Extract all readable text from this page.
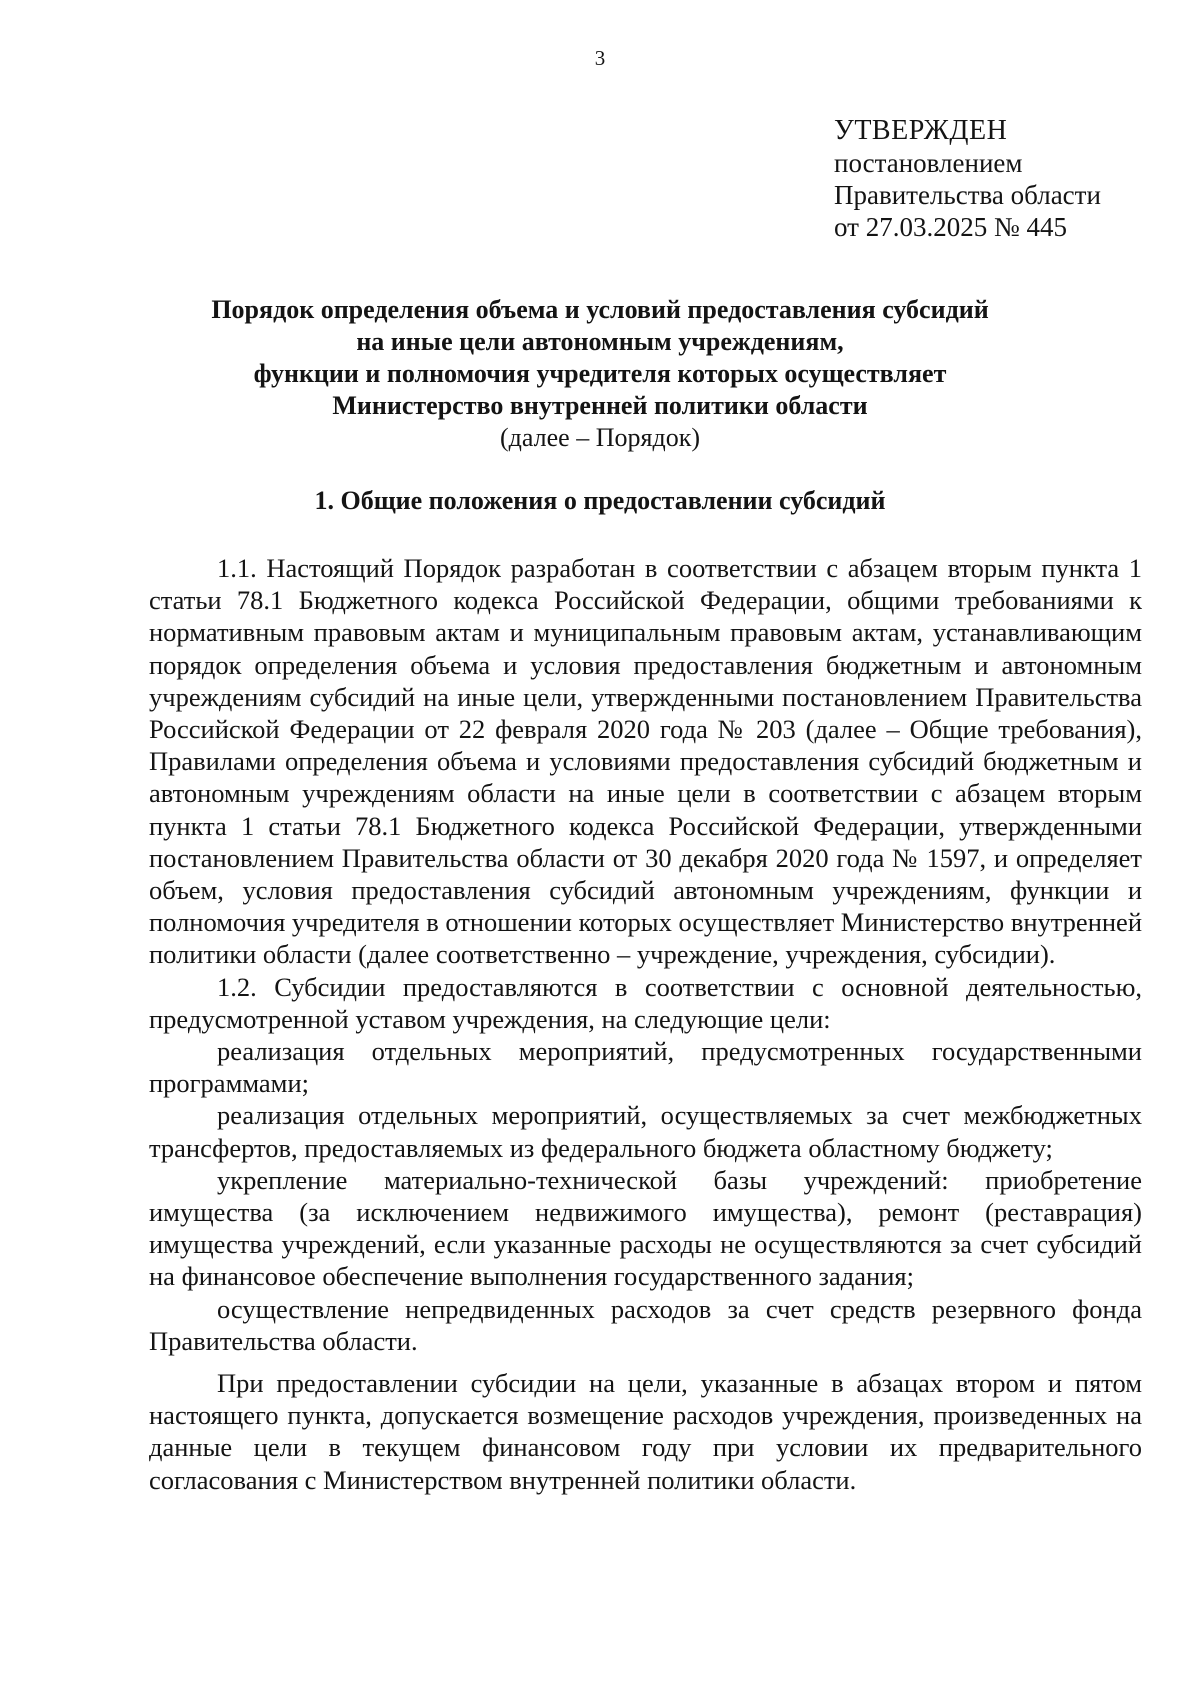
3
УТВЕРЖДЕН
постановлением
Правительства области
от 27.03.2025 № 445
Порядок определения объема и условий предоставления субсидий
на иные цели автономным учреждениям,
функции и полномочия учредителя которых осуществляет
Министерство внутренней политики области
(далее – Порядок)
1. Общие положения о предоставлении субсидий

1.1. Настоящий Порядок разработан в соответствии с абзацем вторым пункта 1 статьи 78.1 Бюджетного кодекса Российской Федерации, общими требованиями к нормативным правовым актам и муниципальным правовым актам, устанавливающим порядок определения объема и условия предоставления бюджетным и автономным учреждениям субсидий на иные цели, утвержденными постановлением Правительства Российской Федерации от 22 февраля 2020 года № 203 (далее – Общие требования), Правилами определения объема и условиями предоставления субсидий бюджетным и автономным учреждениям области на иные цели в соответствии с абзацем вторым пункта 1 статьи 78.1 Бюджетного кодекса Российской Федерации, утвержденными постановлением Правительства области от 30 декабря 2020 года № 1597, и определяет объем, условия предоставления субсидий автономным учреждениям, функции и полномочия учредителя в отношении которых осуществляет Министерство внутренней политики области (далее соответственно – учреждение, учреждения, субсидии).

1.2. Субсидии предоставляются в соответствии с основной деятельностью, предусмотренной уставом учреждения, на следующие цели:

реализация отдельных мероприятий, предусмотренных государственными программами;

реализация отдельных мероприятий, осуществляемых за счет межбюджетных трансфертов, предоставляемых из федерального бюджета областному бюджету;

укрепление материально-технической базы учреждений: приобретение имущества (за исключением недвижимого имущества), ремонт (реставрация) имущества учреждений, если указанные расходы не осуществляются за счет субсидий на финансовое обеспечение выполнения государственного задания;

осуществление непредвиденных расходов за счет средств резервного фонда Правительства области.

При предоставлении субсидии на цели, указанные в абзацах втором и пятом настоящего пункта, допускается возмещение расходов учреждения, произведенных на данные цели в текущем финансовом году при условии их предварительного согласования с Министерством внутренней политики области.
